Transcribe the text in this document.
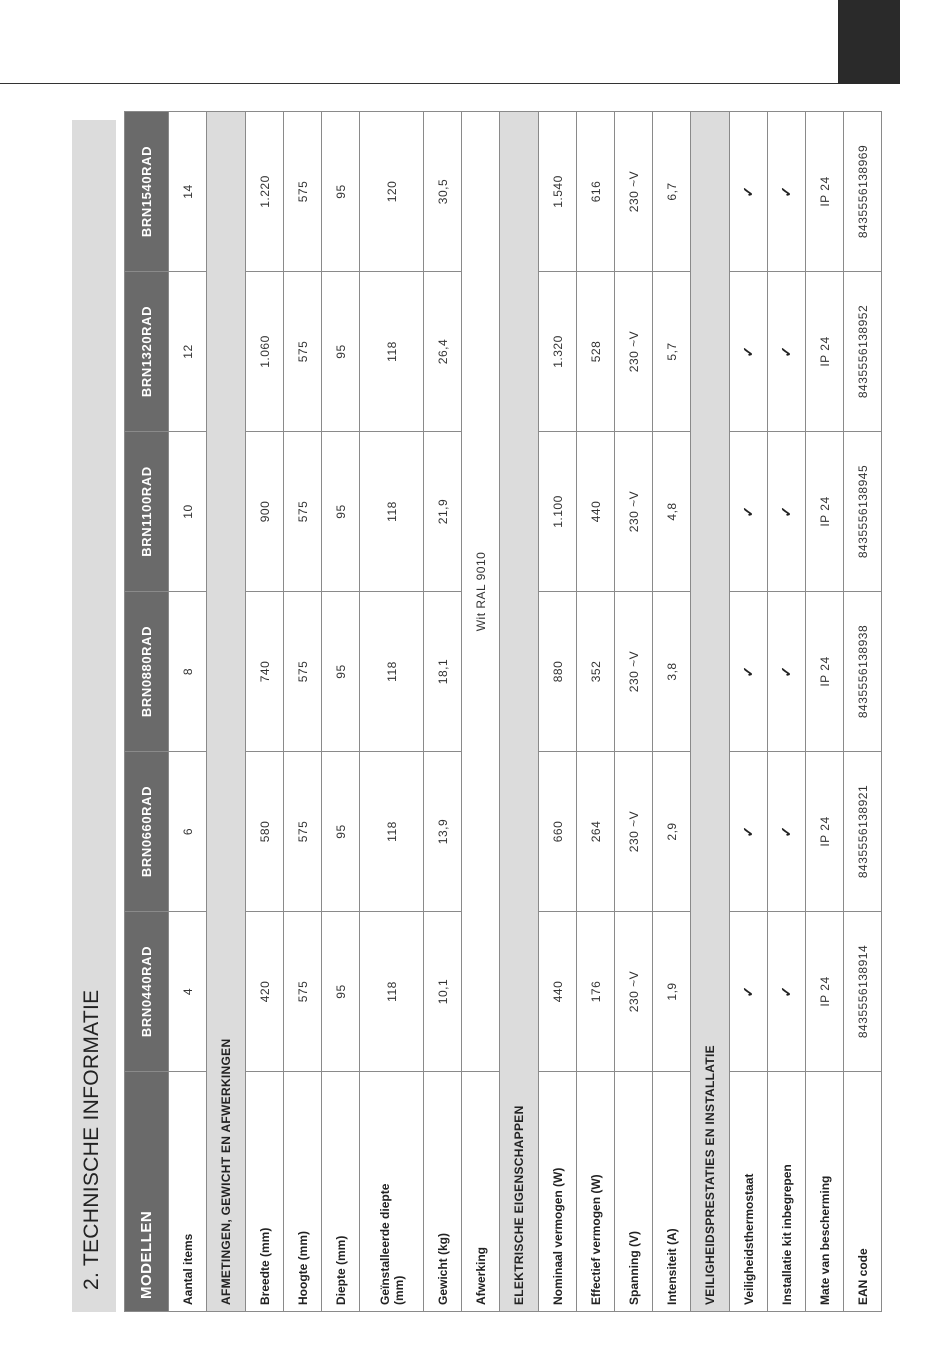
2. TECHNISCHE INFORMATIE	MODELLEN	BRN0440RAD	BRN0660RAD	BRN0880RAD	BRN1100RAD	BRN1320RAD	BRN1540RAD
Aantal items	4	6	8	10	12	14
AFMETINGEN, GEWICHT EN AFWERKINGEN						
Breedte (mm)	420	580	740	900	1.060	1.220
Hoogte (mm)	575	575	575	575	575	575
Diepte (mm)	95	95	95	95	95	95
Geïnstalleerde diepte
(mm)	118	118	118	118	118	120
Gewicht (kg)	10,1	13,9	18,1	21,9	26,4	30,5
Afwerking	Wit RAL 9010					
ELEKTRISCHE EIGENSCHAPPEN						
Nominaal vermogen (W)	440	660	880	1.100	1.320	1.540
Effectief vermogen (W)	176	264	352	440	528	616
Spanning (V)	230 ~V	230 ~V	230 ~V	230 ~V	230 ~V	230 ~V
Intensiteit (A)	1,9	2,9	3,8	4,8	5,7	6,7
VEILIGHEIDSPRESTATIES EN INSTALLATIE						
Veiligheidsthermostaat	✓	✓	✓	✓	✓	✓
Installatie kit inbegrepen	✓	✓	✓	✓	✓	✓
Mate van bescherming	IP 24	IP 24	IP 24	IP 24	IP 24	IP 24
EAN code	8435556138914	8435556138921	8435556138938	8435556138945	8435556138952	8435556138969
